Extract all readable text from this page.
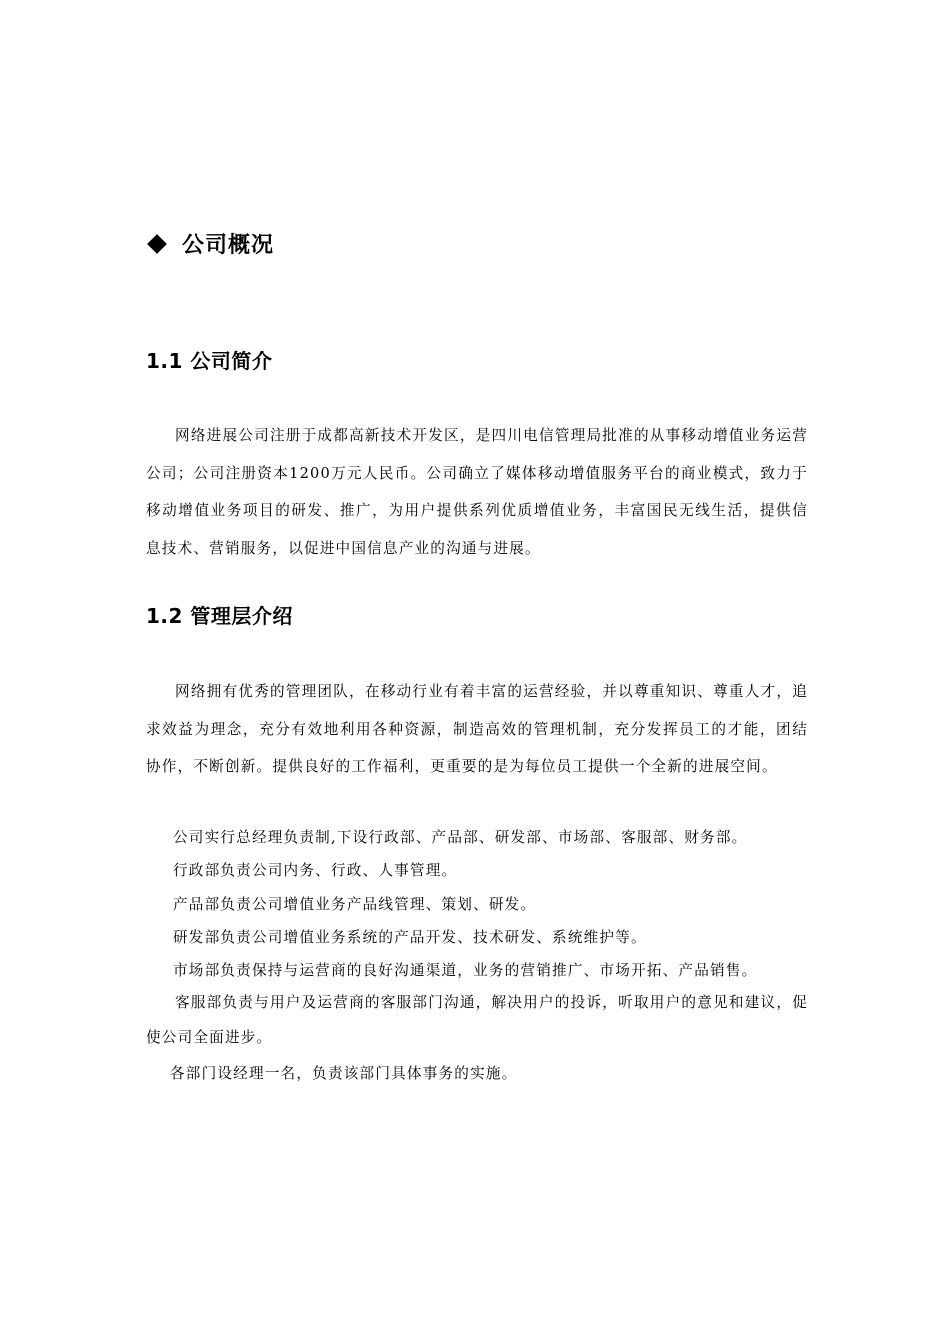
公司概况
1.1 公司简介

网络进展公司注册于成都高新技术开发区，是四川电信管理局批准的从事移动增值业务运营公司；公司注册资本1200万元人民币。公司确立了媒体移动增值服务平台的商业模式，致力于移动增值业务项目的研发、推广，为用户提供系列优质增值业务，丰富国民无线生活，提供信息技术、营销服务，以促进中国信息产业的沟通与进展。

1.2 管理层介绍

网络拥有优秀的管理团队，在移动行业有着丰富的运营经验，并以尊重知识、尊重人才，追求效益为理念，充分有效地利用各种资源，制造高效的管理机制，充分发挥员工的才能，团结协作，不断创新。提供良好的工作福利，更重要的是为每位员工提供一个全新的进展空间。

公司实行总经理负责制,下设行政部、产品部、研发部、市场部、客服部、财务部。
行政部负责公司内务、行政、人事管理。
产品部负责公司增值业务产品线管理、策划、研发。
研发部负责公司增值业务系统的产品开发、技术研发、系统维护等。
市场部负责保持与运营商的良好沟通渠道，业务的营销推广、市场开拓、产品销售。

客服部负责与用户及运营商的客服部门沟通，解决用户的投诉，听取用户的意见和建议，促使公司全面进步。

各部门设经理一名，负责该部门具体事务的实施。
